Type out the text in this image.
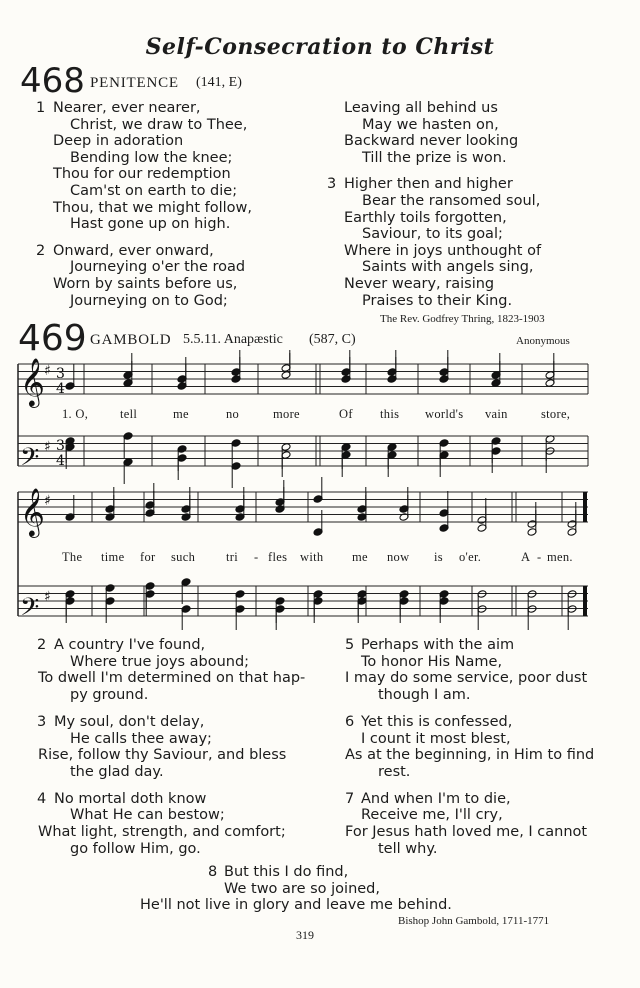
Self-Consecration to Christ
468 PENITENCE (141, E)
1 Nearer, ever nearer,
Christ, we draw to Thee,
Deep in adoration
Bending low the knee;
Thou for our redemption
Cam'st on earth to die;
Thou, that we might follow,
Hast gone up on high.
2 Onward, ever onward,
Journeying o'er the road
Worn by saints before us,
Journeying on to God;
Leaving all behind us
May we hasten on,
Backward never looking
Till the prize is won.
3 Higher then and higher
Bear the ransomed soul,
Earthly toils forgotten,
Saviour, to its goal;
Where in joys unthought of
Saints with angels sing,
Never weary, raising
Praises to their King.
The Rev. Godfrey Thring, 1823-1903
469 GAMBOLD 5.5.11. Anapæstic (587, C)	Anonymous
𝄞
𝄢
𝄞
𝄢
♯
♯
♯
♯
3
4
3
4
1. O,	tell	me	no	more	Of this world's vain	store,
The time for such tri - fles with me now is o'er.	A - men.
2 A country I've found,
Where true joys abound;
To dwell I'm determined on that hap-
py ground.
3 My soul, don't delay,
He calls thee away;
Rise, follow thy Saviour, and bless
the glad day.
4 No mortal doth know
What He can bestow;
What light, strength, and comfort;
go follow Him, go.
5 Perhaps with the aim
To honor His Name,
I may do some service, poor dust
though I am.
6 Yet this is confessed,
I count it most blest,
As at the beginning, in Him to find
rest.
7 And when I'm to die,
Receive me, I'll cry,
For Jesus hath loved me, I cannot
tell why.
8 But this I do find,
We two are so joined,
He'll not live in glory and leave me behind.
Bishop John Gambold, 1711-1771
319
